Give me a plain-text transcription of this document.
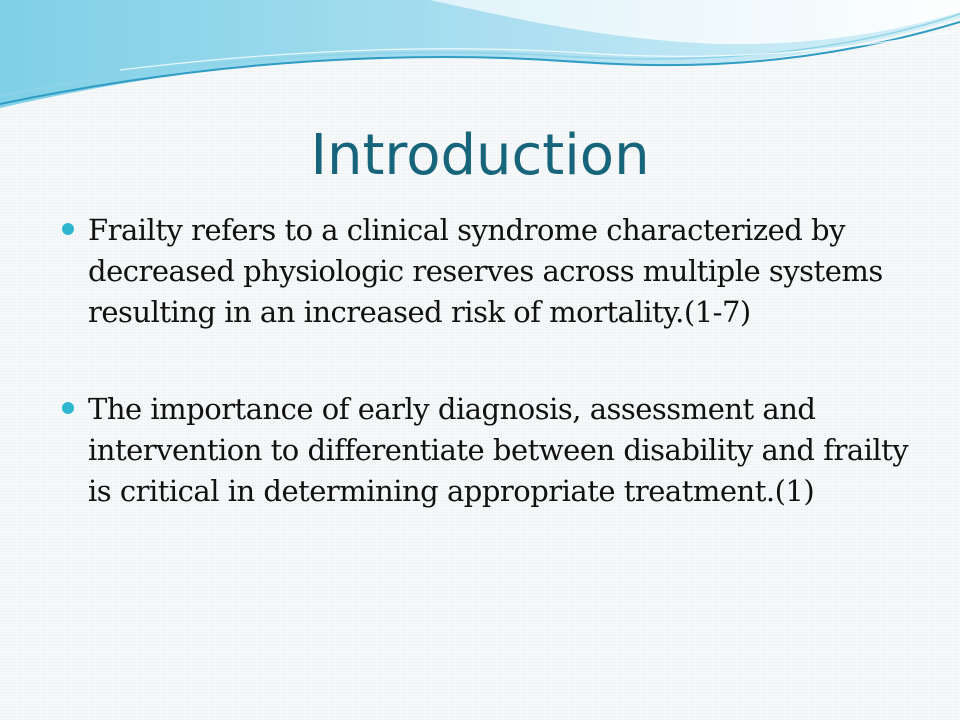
Introduction
Frailty refers to a clinical syndrome characterized by decreased physiologic reserves across multiple systems resulting in an increased risk of mortality.(1-7)
The importance of early diagnosis, assessment and intervention to differentiate between disability and frailty is critical in determining appropriate treatment.(1)
